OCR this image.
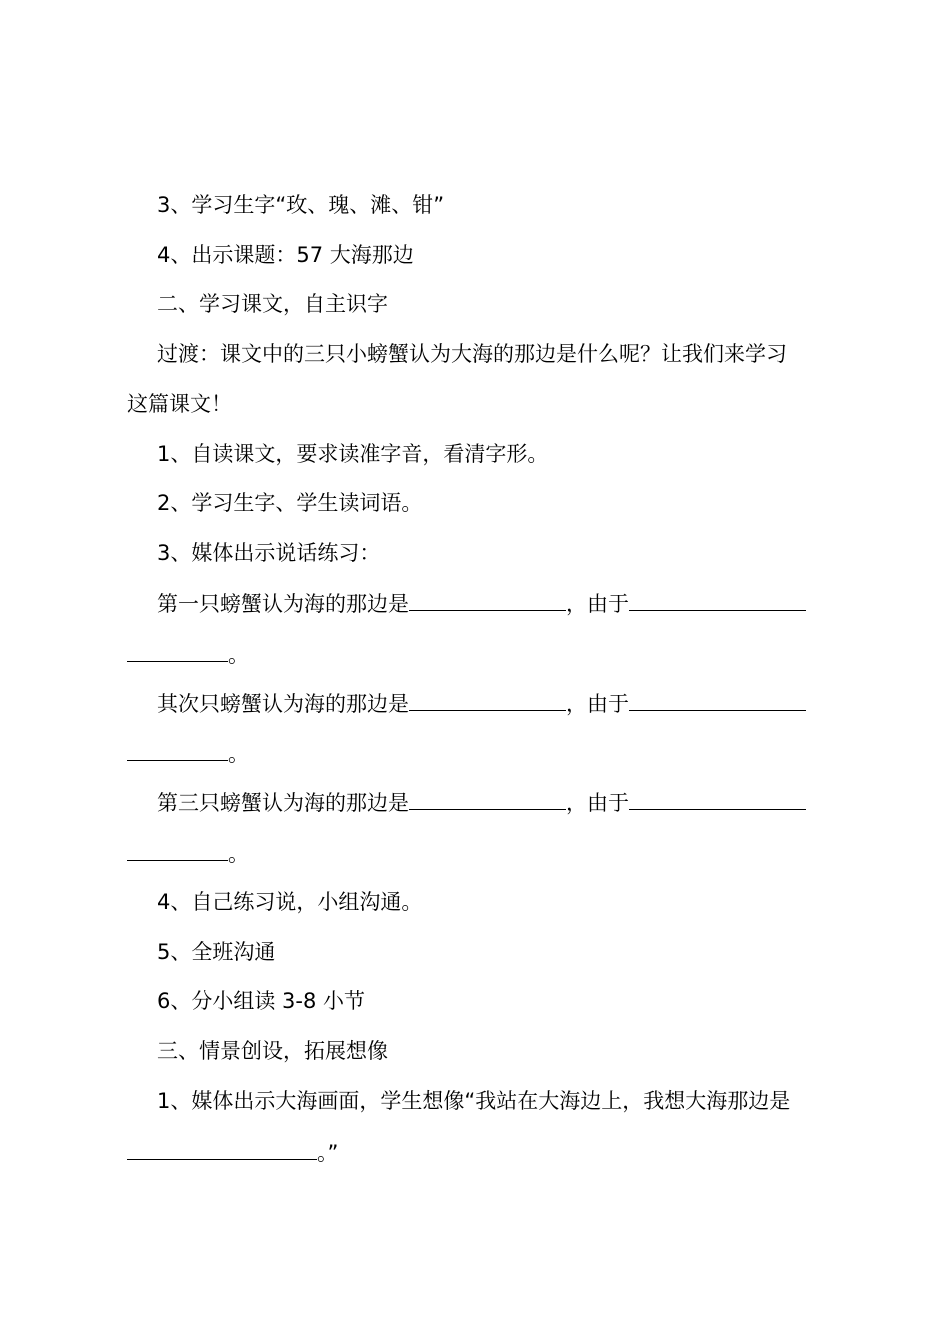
3、学习生字“玫、瑰、滩、钳”
4、出示课题：57 大海那边
二、学习课文，自主识字
过渡：课文中的三只小螃蟹认为大海的那边是什么呢？让我们来学习
这篇课文！
1、自读课文，要求读准字音，看清字形。
2、学习生字、学生读词语。
3、媒体出示说话练习：
第一只螃蟹认为海的那边是	，由于
。
其次只螃蟹认为海的那边是	，由于
。
第三只螃蟹认为海的那边是	，由于
。
4、自己练习说，小组沟通。
5、全班沟通
6、分小组读 3-8 小节
三、情景创设，拓展想像
1、媒体出示大海画面，学生想像“我站在大海边上，我想大海那边是
。”
